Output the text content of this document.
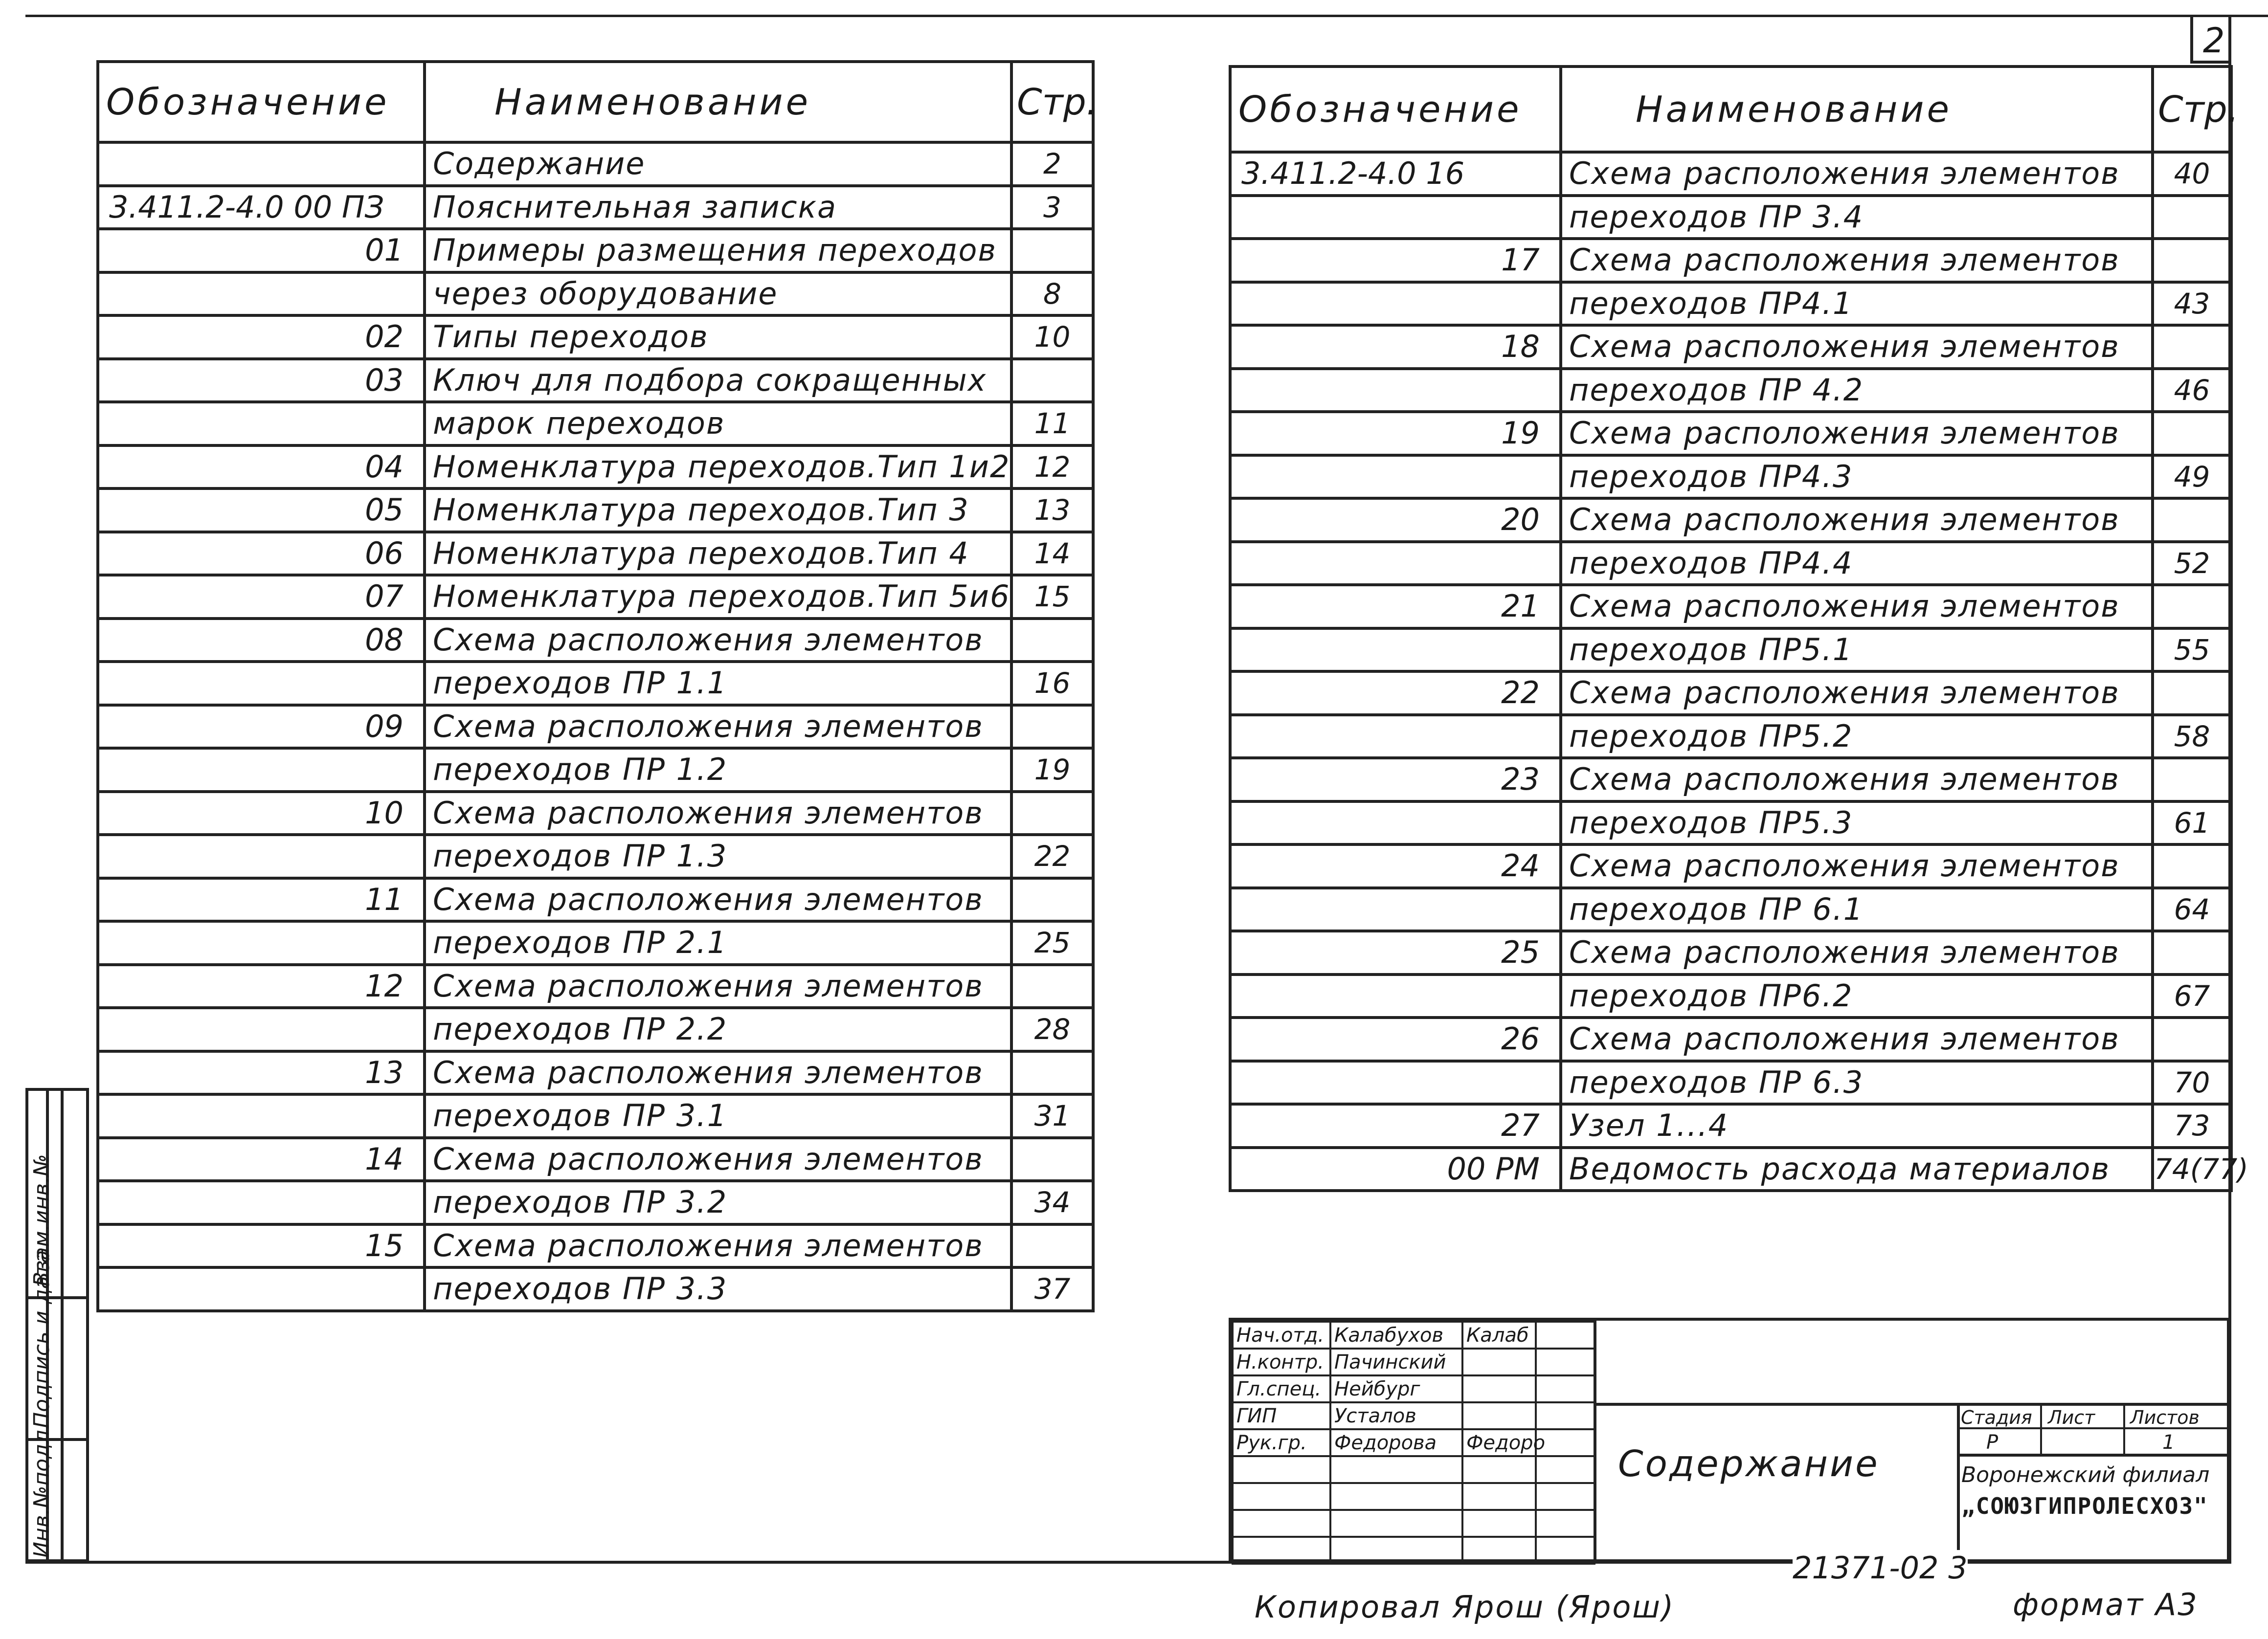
2
Обозначение	Наименование	Стр.
	Содержание	2
3.411.2-4.0 00 ПЗ	Пояснительная записка	3
01	Примеры размещения переходов	
	через оборудование	8
02	Типы переходов	10
03	Ключ для подбора сокращенных	
	марок переходов	11
04	Номенклатура переходов.Тип 1и2	12
05	Номенклатура переходов.Тип 3	13
06	Номенклатура переходов.Тип 4	14
07	Номенклатура переходов.Тип 5и6	15
08	Схема расположения элементов	
	переходов ПР 1.1	16
09	Схема расположения элементов	
	переходов ПР 1.2	19
10	Схема расположения элементов	
	переходов ПР 1.3	22
11	Схема расположения элементов	
	переходов ПР 2.1	25
12	Схема расположения элементов	
	переходов ПР 2.2	28
13	Схема расположения элементов	
	переходов ПР 3.1	31
14	Схема расположения элементов	
	переходов ПР 3.2	34
15	Схема расположения элементов	
	переходов ПР 3.3	37
Обозначение	Наименование	Стр.
3.411.2-4.0 16	Схема расположения элементов	40
	переходов ПР 3.4	
17	Схема расположения элементов	
	переходов ПР4.1	43
18	Схема расположения элементов	
	переходов ПР 4.2	46
19	Схема расположения элементов	
	переходов ПР4.3	49
20	Схема расположения элементов	
	переходов ПР4.4	52
21	Схема расположения элементов	
	переходов ПР5.1	55
22	Схема расположения элементов	
	переходов ПР5.2	58
23	Схема расположения элементов	
	переходов ПР5.3	61
24	Схема расположения элементов	
	переходов ПР 6.1	64
25	Схема расположения элементов	
	переходов ПР6.2	67
26	Схема расположения элементов	
	переходов ПР 6.3	70
27	Узел 1...4	73
00 РМ	Ведомость расхода материалов	74(77)
Взам.инв.№
Подпись и дата
Инв.№подл.
Нач.отд.	Калабухов	Калаб	
Н.контр.	Пачинский		
Гл.спец.	Нейбург		
ГИП	Усталов		
Рук.гр.	Федорова	Федоро	

Содержание
Стадия Лист Листов
Р	1
Воронежский филиал
„СОЮЗГИПРОЛЕСХОЗ"
21371-02 3
Копировал Ярош (Ярош)	формат А3
